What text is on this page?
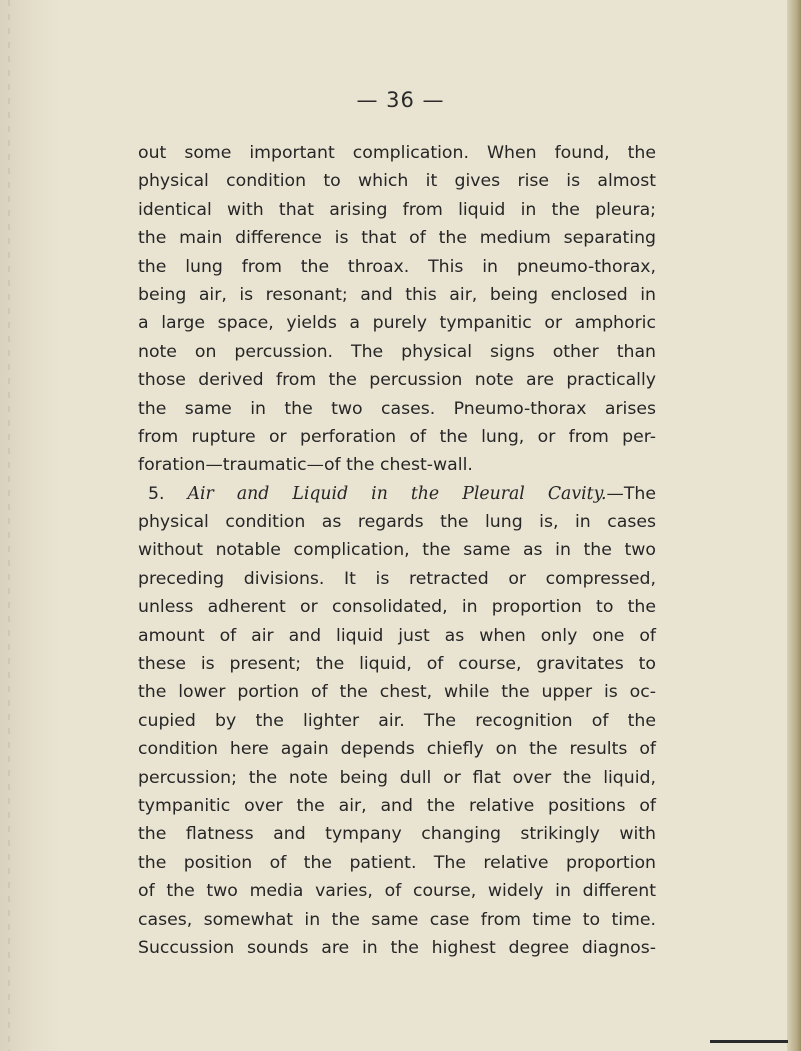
— 36 —
out some important complication. When found, the
physical condition to which it gives rise is almost
identical with that arising from liquid in the pleura;
the main difference is that of the medium separating
the lung from the throax. This in pneumo-thorax,
being air, is resonant; and this air, being enclosed in
a large space, yields a purely tympanitic or amphoric
note on percussion. The physical signs other than
those derived from the percussion note are practically
the same in the two cases. Pneumo-thorax arises
from rupture or perforation of the lung, or from per-
foration—traumatic—of the chest-wall.
5. Air and Liquid in the Pleural Cavity.—The
physical condition as regards the lung is, in cases
without notable complication, the same as in the two
preceding divisions. It is retracted or compressed,
unless adherent or consolidated, in proportion to the
amount of air and liquid just as when only one of
these is present; the liquid, of course, gravitates to
the lower portion of the chest, while the upper is oc-
cupied by the lighter air. The recognition of the
condition here again depends chiefly on the results of
percussion; the note being dull or flat over the liquid,
tympanitic over the air, and the relative positions of
the flatness and tympany changing strikingly with
the position of the patient. The relative proportion
of the two media varies, of course, widely in different
cases, somewhat in the same case from time to time.
Succussion sounds are in the highest degree diagnos-
